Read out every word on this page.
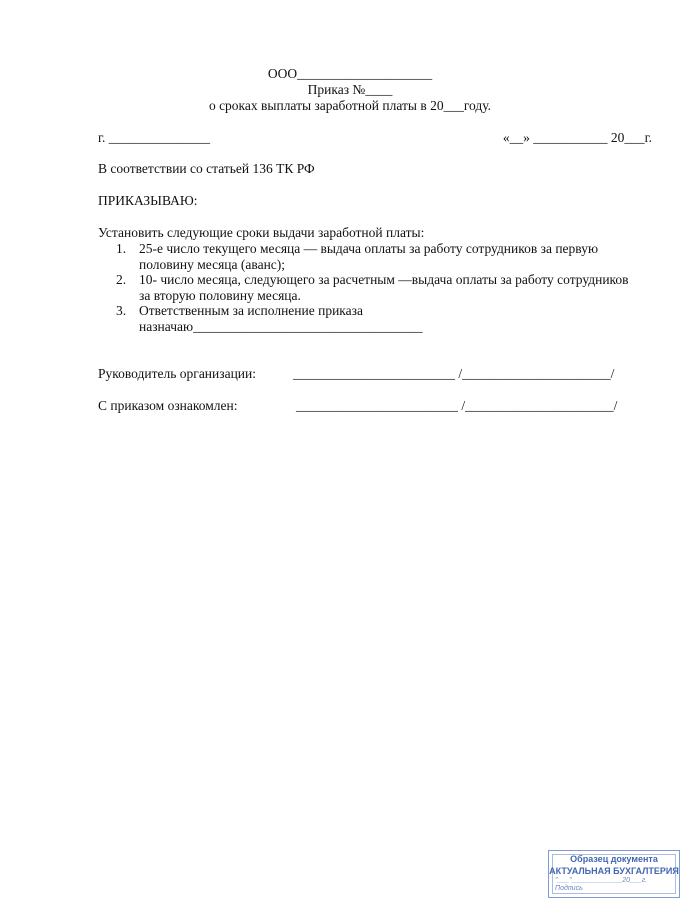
ООО____________________
Приказ №____
о сроках выплаты заработной платы в 20___году.
г. _______________	«__» ___________ 20___г.
В соответствии со статьей 136 ТК РФ
ПРИКАЗЫВАЮ:
Установить следующие сроки выдачи заработной платы:
1. 25-е число текущего месяца — выдача оплаты за работу сотрудников за первую
половину месяца (аванс);
2. 10- число месяца, следующего за расчетным —выдача оплаты за работу сотрудников
за вторую половину месяца.
3. Ответственным за исполнение приказа
назначаю__________________________________
Руководитель организации:	________________________ /______________________/
С приказом ознакомлен:	________________________ /______________________/
Образец документа
АКТУАЛЬНАЯ БУХГАЛТЕРИЯ
"___"_____________20___г.
Подпись
